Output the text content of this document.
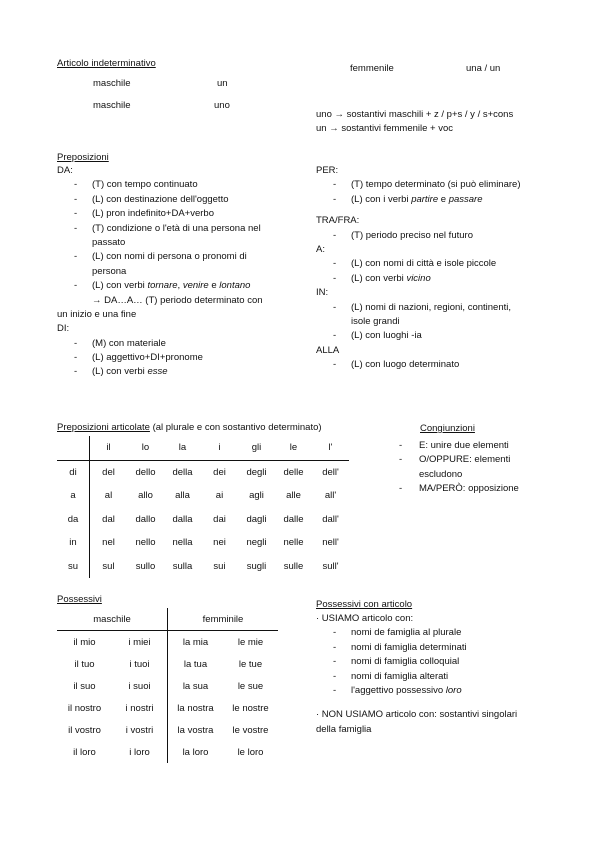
Articolo indeterminativo
maschile	un
maschile	uno
femmenile	una / un
uno → sostantivi maschili + z / p+s / y / s+cons
un → sostantivi femmenile + voc
Preposizioni
DA:
- (T) con tempo continuato
- (L) con destinazione dell'oggetto
- (L) pron indefinito+DA+verbo
- (T) condizione o l'età di una persona nel
passato
- (L) con nomi di persona o pronomi di
persona
- (L) con verbi tornare, venire e lontano
→ DA…A… (T) periodo determinato con
un inizio e una fine
DI:
- (M) con materiale
- (L) aggettivo+DI+pronome
- (L) con verbi esse
PER:
- (T) tempo determinato (si può eliminare)
- (L) con i verbi partire e passare
TRA/FRA:
- (T) periodo preciso nel futuro
A:
- (L) con nomi di città e isole piccole
- (L) con verbi vicino
IN:
- (L) nomi di nazioni, regioni, continenti,
isole grandi
- (L) con luoghi -ia
ALLA
- (L) con luogo determinato
Preposizioni articolate (al plurale e con sostantivo determinato)
	il	lo	la	i	gli	le	l'
di	del	dello	della	dei	degli	delle	dell'
a	al	allo	alla	ai	agli	alle	all'
da	dal	dallo	dalla	dai	dagli	dalle	dall'
in	nel	nello	nella	nei	negli	nelle	nell'
su	sul	sullo	sulla	sui	sugli	sulle	sull'
Congiunzioni
- E: unire due elementi
- O/OPPURE: elementi
escludono
- MA/PERÒ: opposizione
Possessivi
maschile		femminile	
il mio	i miei	la mia	le mie
il tuo	i tuoi	la tua	le tue
il suo	i suoi	la sua	le sue
il nostro	i nostri	la nostra	le nostre
il vostro	i vostri	la vostra	le vostre
il loro	i loro	la loro	le loro
Possessivi con articolo
· USIAMO articolo con:
- nomi de famiglia al plurale
- nomi di famiglia determinati
- nomi di famiglia colloquial
- nomi di famiglia alterati
- l'aggettivo possessivo loro
· NON USIAMO articolo con: sostantivi singolari
della famiglia
